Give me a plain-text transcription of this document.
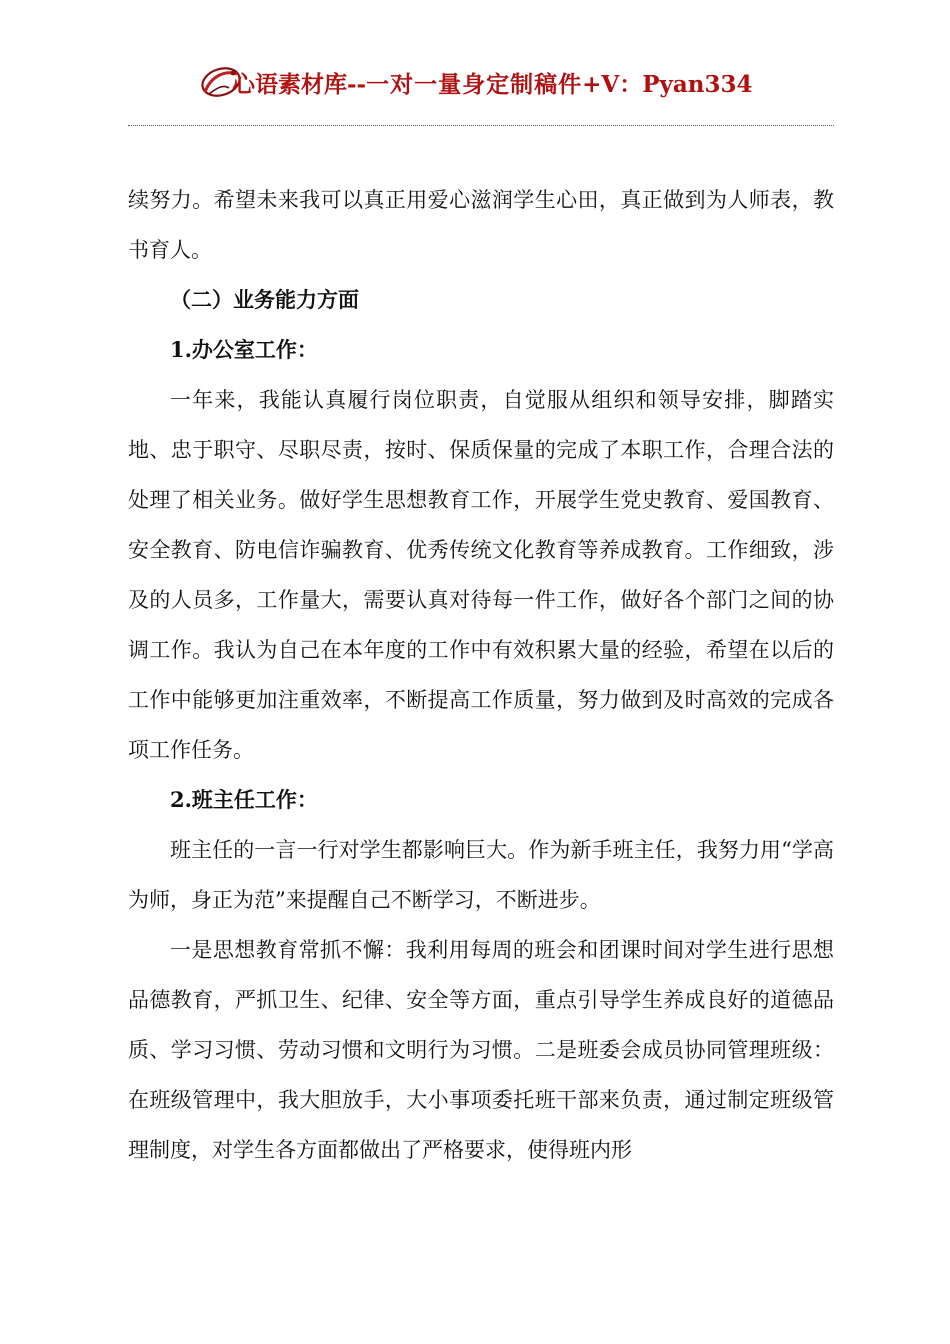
心语素材库--一对一量身定制稿件+V：Pyan334

续努力。希望未来我可以真正用爱心滋润学生心田，真正做到为人师表，教书育人。

（二）业务能力方面

1.办公室工作：

一年来，我能认真履行岗位职责，自觉服从组织和领导安排，脚踏实地、忠于职守、尽职尽责，按时、保质保量的完成了本职工作，合理合法的处理了相关业务。做好学生思想教育工作，开展学生党史教育、爱国教育、安全教育、防电信诈骗教育、优秀传统文化教育等养成教育。工作细致，涉及的人员多，工作量大，需要认真对待每一件工作，做好各个部门之间的协调工作。我认为自己在本年度的工作中有效积累大量的经验，希望在以后的工作中能够更加注重效率，不断提高工作质量，努力做到及时高效的完成各项工作任务。

2.班主任工作：

班主任的一言一行对学生都影响巨大。作为新手班主任，我努力用“学高为师，身正为范”来提醒自己不断学习，不断进步。

一是思想教育常抓不懈：我利用每周的班会和团课时间对学生进行思想品德教育，严抓卫生、纪律、安全等方面，重点引导学生养成良好的道德品质、学习习惯、劳动习惯和文明行为习惯。二是班委会成员协同管理班级：在班级管理中，我大胆放手，大小事项委托班干部来负责，通过制定班级管理制度，对学生各方面都做出了严格要求，使得班内形
